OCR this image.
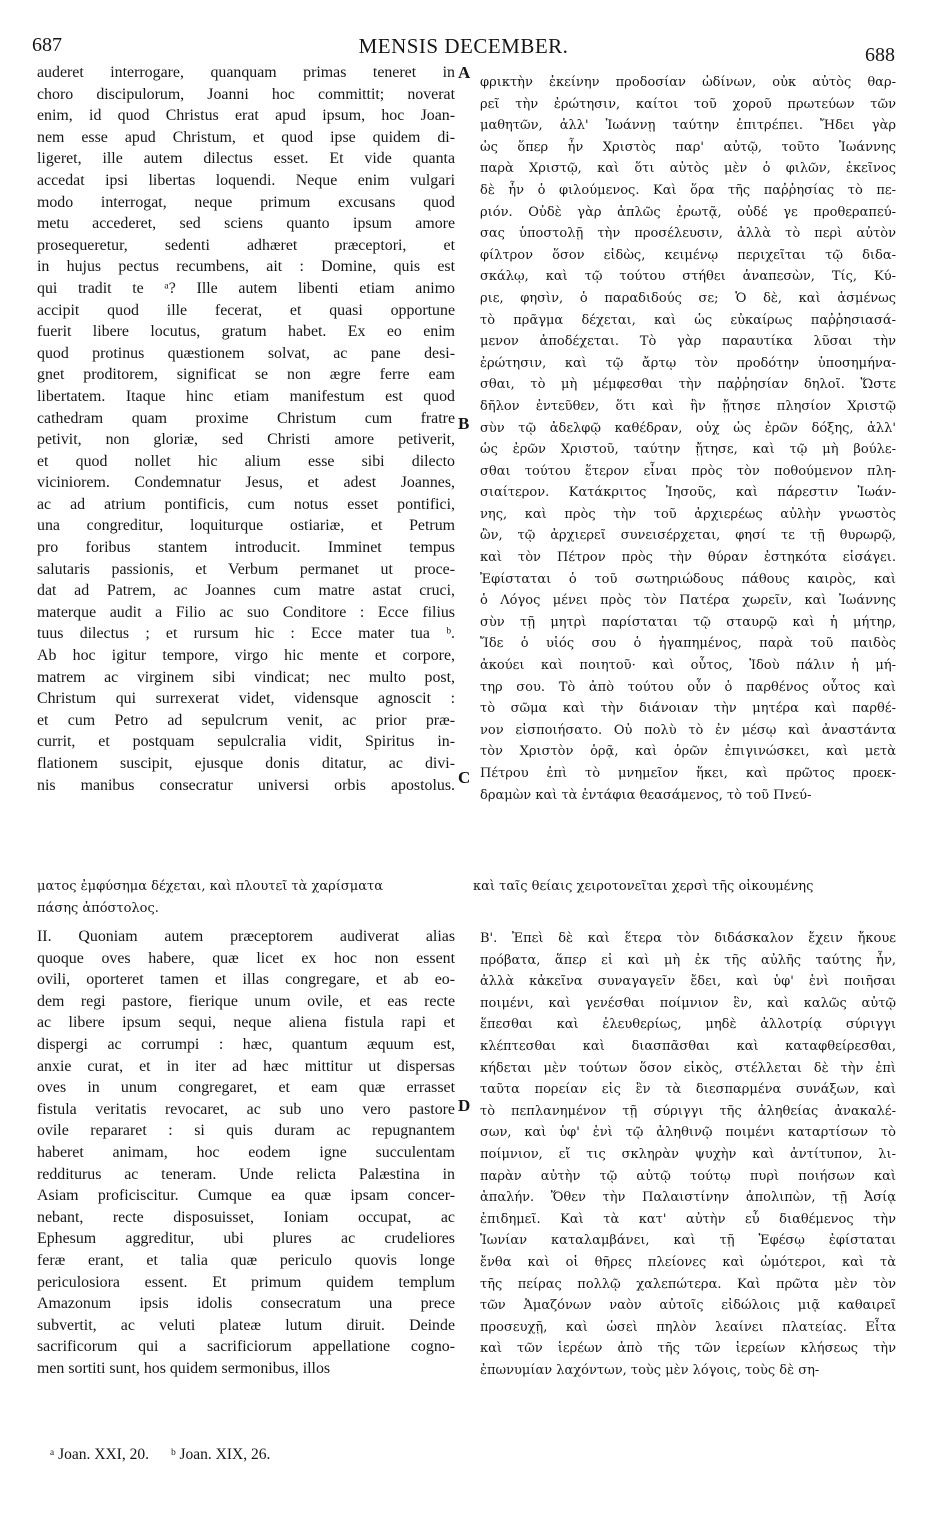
687	MENSIS DECEMBER.	688
A
B
C
D

auderet interrogare, quanquam primas teneret in

choro discipulorum, Joanni hoc committit; noverat

enim, id quod Christus erat apud ipsum, hoc Joan-

nem esse apud Christum, et quod ipse quidem di-

ligeret, ille autem dilectus esset. Et vide quanta

accedat ipsi libertas loquendi. Neque enim vulgari

modo interrogat, neque primum excusans quod

metu accederet, sed sciens quanto ipsum amore

prosequeretur, sedenti adhæret præceptori, et

in hujus pectus recumbens, ait : Domine, quis est

qui tradit te ᵃ? Ille autem libenti etiam animo

accipit quod ille fecerat, et quasi opportune

fuerit libere locutus, gratum habet. Ex eo enim

quod protinus quæstionem solvat, ac pane desi-

gnet proditorem, significat se non ægre ferre eam

libertatem. Itaque hinc etiam manifestum est quod

cathedram quam proxime Christum cum fratre

petivit, non gloriæ, sed Christi amore petiverit,

et quod nollet hic alium esse sibi dilecto

viciniorem. Condemnatur Jesus, et adest Joannes,

ac ad atrium pontificis, cum notus esset pontifici,

una congreditur, loquiturque ostiariæ, et Petrum

pro foribus stantem introducit. Imminet tempus

salutaris passionis, et Verbum permanet ut proce-

dat ad Patrem, ac Joannes cum matre astat cruci,

materque audit a Filio ac suo Conditore : Ecce filius

tuus dilectus ; et rursum hic : Ecce mater tua ᵇ.

Ab hoc igitur tempore, virgo hic mente et corpore,

matrem ac virginem sibi vindicat; nec multo post,

Christum qui surrexerat videt, vidensque agnoscit :

et cum Petro ad sepulcrum venit, ac prior præ-

currit, et postquam sepulcralia vidit, Spiritus in-

flationem suscipit, ejusque donis ditatur, ac divi-

nis manibus consecratur universi orbis apostolus.

φρικτὴν ἐκείνην προδοσίαν ὠδίνων, οὐκ αὐτὸς θαρ-

ρεῖ τὴν ἐρώτησιν, καίτοι τοῦ χοροῦ πρωτεύων τῶν

μαθητῶν, ἀλλ' Ἰωάννῃ ταύτην ἐπιτρέπει. Ἤδει γὰρ

ὡς ὅπερ ἦν Χριστὸς παρ' αὐτῷ, τοῦτο Ἰωάννης

παρὰ Χριστῷ, καὶ ὅτι αὐτὸς μὲν ὁ φιλῶν, ἐκεῖνος

δὲ ἦν ὁ φιλούμενος. Καὶ ὅρα τῆς παῤῥησίας τὸ πε-

ριόν. Οὐδὲ γὰρ ἁπλῶς ἐρωτᾷ, οὐδέ γε προθεραπεύ-

σας ὑποστολῇ τὴν προσέλευσιν, ἀλλὰ τὸ περὶ αὐτὸν

φίλτρον ὅσον εἰδὼς, κειμένῳ περιχεῖται τῷ διδα-

σκάλῳ, καὶ τῷ τούτου στήθει ἀναπεσὼν, Τίς, Κύ-

ριε, φησὶν, ὁ παραδιδούς σε; Ὁ δὲ, καὶ ἀσμένως

τὸ πρᾶγμα δέχεται, καὶ ὡς εὐκαίρως παῤῥησιασά-

μενον ἀποδέχεται. Τὸ γὰρ παραυτίκα λῦσαι τὴν

ἐρώτησιν, καὶ τῷ ἄρτῳ τὸν προδότην ὑποσημήνα-

σθαι, τὸ μὴ μέμφεσθαι τὴν παῤῥησίαν δηλοῖ. Ὥστε

δῆλον ἐντεῦθεν, ὅτι καὶ ἣν ᾔτησε πλησίον Χριστῷ

σὺν τῷ ἀδελφῷ καθέδραν, οὐχ ὡς ἐρῶν δόξης, ἀλλ'

ὡς ἐρῶν Χριστοῦ, ταύτην ᾔτησε, καὶ τῷ μὴ βούλε-

σθαι τούτου ἕτερον εἶναι πρὸς τὸν ποθούμενον πλη-

σιαίτερον. Κατάκριτος Ἰησοῦς, καὶ πάρεστιν Ἰωάν-

νης, καὶ πρὸς τὴν τοῦ ἀρχιερέως αὐλὴν γνωστὸς

ὢν, τῷ ἀρχιερεῖ συνεισέρχεται, φησί τε τῇ θυρωρῷ,

καὶ τὸν Πέτρον πρὸς τὴν θύραν ἑστηκότα εἰσάγει.

Ἐφίσταται ὁ τοῦ σωτηριώδους πάθους καιρὸς, καὶ

ὁ Λόγος μένει πρὸς τὸν Πατέρα χωρεῖν, καὶ Ἰωάννης

σὺν τῇ μητρὶ παρίσταται τῷ σταυρῷ καὶ ἡ μήτηρ,

Ἴδε ὁ υἱός σου ὁ ἠγαπημένος, παρὰ τοῦ παιδὸς

ἀκούει καὶ ποιητοῦ· καὶ οὗτος, Ἰδοὺ πάλιν ἡ μή-

τηρ σου. Τὸ ἀπὸ τούτου οὖν ὁ παρθένος οὗτος καὶ

τὸ σῶμα καὶ τὴν διάνοιαν τὴν μητέρα καὶ παρθέ-

νον εἰσποιήσατο. Οὐ πολὺ τὸ ἐν μέσῳ καὶ ἀναστάντα

τὸν Χριστὸν ὁρᾷ, καὶ ὁρῶν ἐπιγινώσκει, καὶ μετὰ

Πέτρου ἐπὶ τὸ μνημεῖον ἥκει, καὶ πρῶτος προεκ-

δραμὼν καὶ τὰ ἐντάφια θεασάμενος, τὸ τοῦ Πνεύ-

ματος ἐμφύσημα δέχεται, καὶ πλουτεῖ τὰ χαρίσματα	καὶ ταῖς θείαις χειροτονεῖται χερσὶ τῆς οἰκουμένης
πάσης ἀπόστολος.

II. Quoniam autem præceptorem audiverat alias

quoque oves habere, quæ licet ex hoc non essent

ovili, oporteret tamen et illas congregare, et ab eo-

dem regi pastore, fierique unum ovile, et eas recte

ac libere ipsum sequi, neque aliena fistula rapi et

dispergi ac corrumpi : hæc, quantum æquum est,

anxie curat, et in iter ad hæc mittitur ut dispersas

oves in unum congregaret, et eam quæ errasset

fistula veritatis revocaret, ac sub uno vero pastore

ovile repararet : si quis duram ac repugnantem

haberet animam, hoc eodem igne succulentam

redditurus ac teneram. Unde relicta Palæstina in

Asiam proficiscitur. Cumque ea quæ ipsam concer-

nebant, recte disposuisset, Ioniam occupat, ac

Ephesum aggreditur, ubi plures ac crudeliores

feræ erant, et talia quæ periculo quovis longe

periculosiora essent. Et primum quidem templum

Amazonum ipsis idolis consecratum una prece

subvertit, ac veluti plateæ lutum diruit. Deinde

sacrificorum qui a sacrificiorum appellatione cogno-

men sortiti sunt, hos quidem sermonibus, illos

Β'. Ἐπεὶ δὲ καὶ ἕτερα τὸν διδάσκαλον ἔχειν ἤκουε

πρόβατα, ἅπερ εἰ καὶ μὴ ἐκ τῆς αὐλῆς ταύτης ἦν,

ἀλλὰ κἀκεῖνα συναγαγεῖν ἔδει, καὶ ὑφ' ἑνὶ ποιῆσαι

ποιμένι, καὶ γενέσθαι ποίμνιον ἓν, καὶ καλῶς αὐτῷ

ἕπεσθαι καὶ ἐλευθερίως, μηδὲ ἀλλοτρίᾳ σύριγγι

κλέπτεσθαι καὶ διασπᾶσθαι καὶ καταφθείρεσθαι,

κήδεται μὲν τούτων ὅσον εἰκὸς, στέλλεται δὲ τὴν ἐπὶ

ταῦτα πορείαν εἰς ἓν τὰ διεσπαρμένα συνάξων, καὶ

τὸ πεπλανημένον τῇ σύριγγι τῆς ἀληθείας ἀνακαλέ-

σων, καὶ ὑφ' ἑνὶ τῷ ἀληθινῷ ποιμένι καταρτίσων τὸ

ποίμνιον, εἴ τις σκληρὰν ψυχὴν καὶ ἀντίτυπον, λι-

παρὰν αὐτὴν τῷ αὐτῷ τούτῳ πυρὶ ποιήσων καὶ

ἁπαλήν. Ὅθεν τὴν Παλαιστίνην ἀπολιπὼν, τῇ Ἀσίᾳ

ἐπιδημεῖ. Καὶ τὰ κατ' αὐτὴν εὖ διαθέμενος τὴν

Ἰωνίαν καταλαμβάνει, καὶ τῇ Ἐφέσῳ ἐφίσταται

ἔνθα καὶ οἱ θῆρες πλείονες καὶ ὠμότεροι, καὶ τὰ

τῆς πείρας πολλῷ χαλεπώτερα. Καὶ πρῶτα μὲν τὸν

τῶν Ἀμαζόνων ναὸν αὐτοῖς εἰδώλοις μιᾷ καθαιρεῖ

προσευχῇ, καὶ ὡσεὶ πηλὸν λεαίνει πλατείας. Εἶτα

καὶ τῶν ἱερέων ἀπὸ τῆς τῶν ἱερείων κλήσεως τὴν

ἐπωνυμίαν λαχόντων, τοὺς μὲν λόγοις, τοὺς δὲ ση-

ᵃ Joan. XXI, 20. ᵇ Joan. XIX, 26.
